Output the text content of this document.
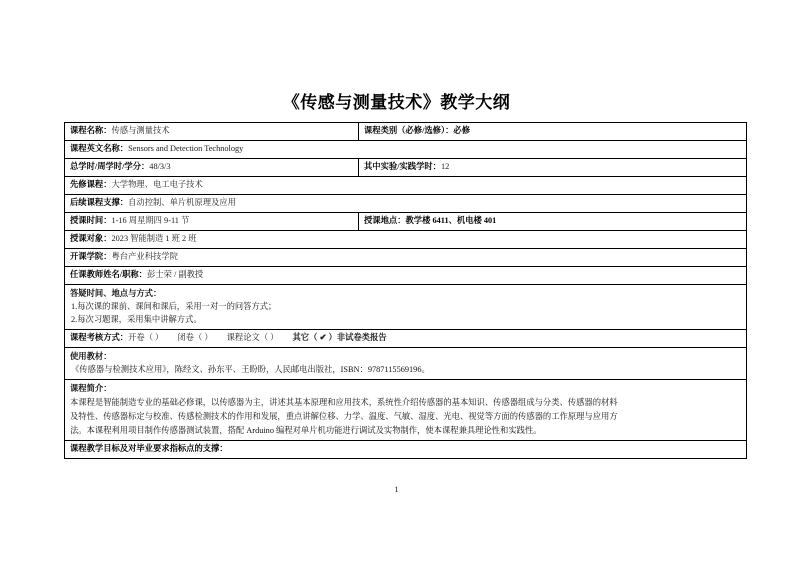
《传感与测量技术》教学大纲
课程名称：传感与测量技术	课程类别（必修/选修）：必修
课程英文名称：Sensors and Detection Technology	
总学时/周学时/学分：48/3/3	其中实验/实践学时：12
先修课程：大学物理、电工电子技术	
后续课程支撑：自动控制、单片机原理及应用	
授课时间：1-16 周星期四 9-11 节	授课地点：教学楼 6411、机电楼 401
授课对象：2023 智能制造 1 班 2 班	
开课学院：粤台产业科技学院	
任课教师姓名/职称：彭士荣 / 副教授	

答疑时间、地点与方式：
1.每次课的课前、课间和课后，采用一对一的问答方式；
2.每次习题课，采用集中讲解方式。	

课程考核方式：开卷（ ） 闭卷（ ） 课程论文（ ） 其它（ ✔ ）非试卷类报告	

使用教材：
《传感器与检测技术应用》，陈经文、孙东平、王盼盼，人民邮电出版社，ISBN：9787115569196。	

课程简介：
本课程是智能制造专业的基础必修课，以传感器为主，讲述其基本原理和应用技术，系统性介绍传感器的基本知识、传感器组成与分类、传感器的材料
及特性、传感器标定与校准、传感检测技术的作用和发展，重点讲解位移、力学、温度、气敏、湿度、光电、视觉等方面的传感器的工作原理与应用方
法。本课程利用项目制作传感器测试装置，搭配 Arduino 编程对单片机功能进行调试及实物制作，使本课程兼具理论性和实践性。	

课程教学目标及对毕业要求指标点的支撑：	
1
